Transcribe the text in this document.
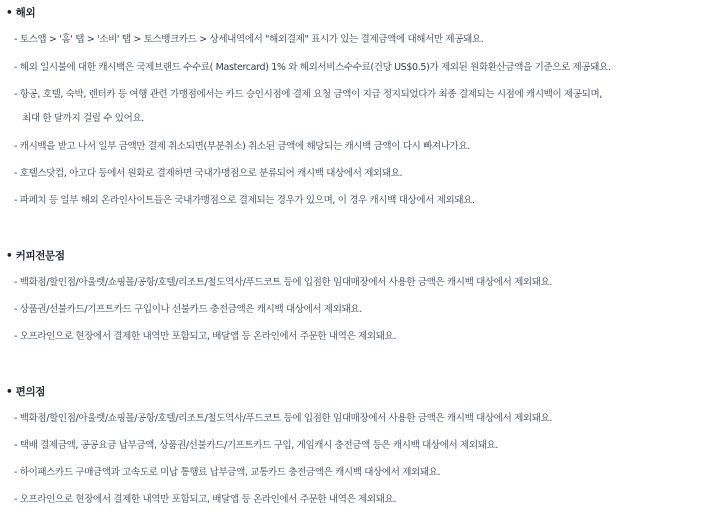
• 해외
- 토스앱 > '홈' 탭 > '소비' 탭 > 토스뱅크카드 > 상세내역에서 "해외결제" 표시가 있는 결제금액에 대해서만 제공돼요.
- 해외 일시불에 대한 캐시백은 국제브랜드 수수료( Mastercard) 1% 와 해외서비스수수료(건당 US$0.5)가 제외된 원화환산금액을 기준으로 제공돼요.
- 항공, 호텔, 숙박, 렌터카 등 여행 관련 가맹점에서는 카드 승인시점에 결제 요청 금액이 지급 정지되었다가 최종 결제되는 시점에 캐시백이 제공되며,
최대 한 달까지 걸릴 수 있어요.
- 캐시백을 받고 나서 일부 금액만 결제 취소되면(부분취소) 취소된 금액에 해당되는 캐시백 금액이 다시 빠져나가요.
- 호텔스닷컴, 아고다 등에서 원화로 결제하면 국내가맹점으로 분류되어 캐시백 대상에서 제외돼요.
- 파페치 등 일부 해외 온라인사이트들은 국내가맹점으로 결제되는 경우가 있으며, 이 경우 캐시백 대상에서 제외돼요.
• 커피전문점
- 백화점/할인점/아울렛/쇼핑몰/공항/호텔/리조트/철도역사/푸드코트 등에 입점한 임대매장에서 사용한 금액은 캐시백 대상에서 제외돼요.
- 상품권/선불카드/기프트카드 구입이나 선불카드 충전금액은 캐시백 대상에서 제외돼요.
- 오프라인으로 현장에서 결제한 내역만 포함되고, 배달앱 등 온라인에서 주문한 내역은 제외돼요.
• 편의점
- 백화점/할인점/아울렛/쇼핑몰/공항/호텔/리조트/철도역사/푸드코트 등에 입점한 임대매장에서 사용한 금액은 캐시백 대상에서 제외돼요.
- 택배 결제금액, 공공요금 납부금액, 상품권/선불카드/기프트카드 구입, 게임캐시 충전금액 등은 캐시백 대상에서 제외돼요.
- 하이패스카드 구매금액과 고속도로 미납 통행료 납부금액, 교통카드 충전금액은 캐시백 대상에서 제외돼요.
- 오프라인으로 현장에서 결제한 내역만 포함되고, 배달앱 등 온라인에서 주문한 내역은 제외돼요.
